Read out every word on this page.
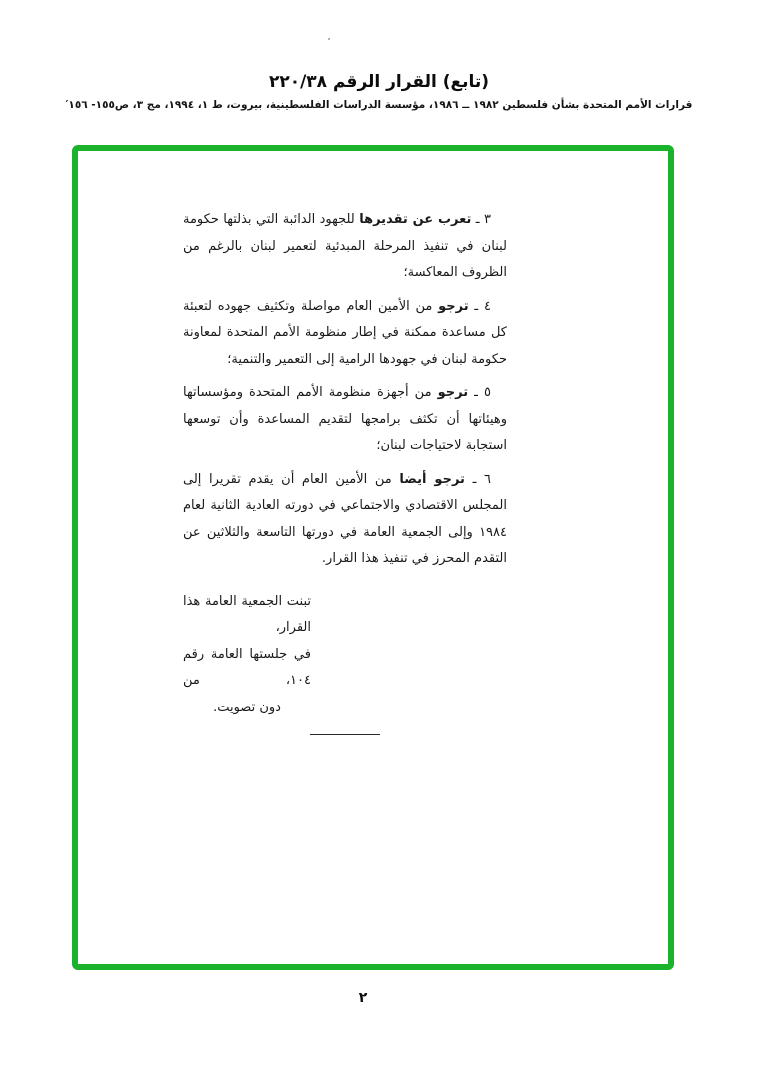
(تابع) القرار الرقم ٢٢٠/٣٨
قرارات الأمم المتحدة بشأن فلسطين ١٩٨٢ ــ ١٩٨٦، مؤسسة الدراسات الفلسطينية، بيروت، ط ١، ١٩٩٤، مج ٣، ص١٥٥- ١٥٦′

٣ ـ تعرب عن تقديرها للجهود الدائبة التي بذلتها حكومة لبنان في تنفيذ المرحلة المبدئية لتعمير لبنان بالرغم من الظروف المعاكسة؛

٤ ـ ترجو من الأمين العام مواصلة وتكثيف جهوده لتعبئة كل مساعدة ممكنة في إطار منظومة الأمم المتحدة لمعاونة حكومة لبنان في جهودها الرامية إلى التعمير والتنمية؛

٥ ـ ترجو من أجهزة منظومة الأمم المتحدة ومؤسساتها وهيئاتها أن تكثف برامجها لتقديم المساعدة وأن توسعها استجابة لاحتياجات لبنان؛

٦ ـ ترجو أيضا من الأمين العام أن يقدم تقريرا إلى المجلس الاقتصادي والاجتماعي في دورته العادية الثانية لعام ١٩٨٤ وإلى الجمعية العامة في دورتها التاسعة والثلاثين عن التقدم المحرز في تنفيذ هذا القرار.

تبنت الجمعية العامة هذا القرار،
في جلستها العامة رقم ١٠٤، من
دون تصويت.
٢
